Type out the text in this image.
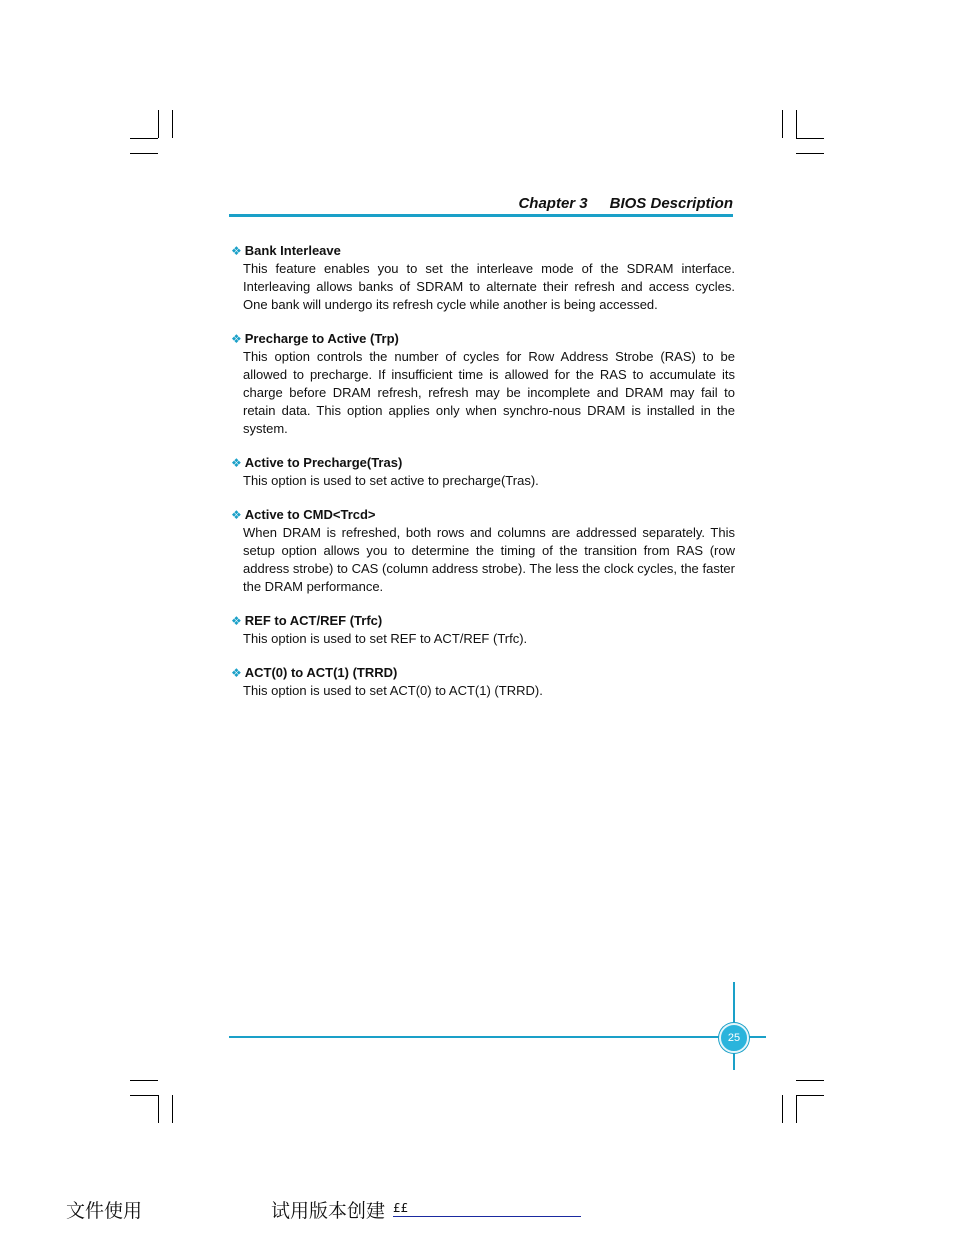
Chapter 3 BIOS Description
❖ Bank Interleave
This feature enables you to set the interleave mode of the SDRAM interface. Interleaving allows banks of SDRAM to alternate their refresh and access cycles. One bank will undergo its refresh cycle while another is being accessed.
❖ Precharge to Active (Trp)
This option controls the number of cycles for Row Address Strobe (RAS) to be allowed to precharge. If insufficient time is allowed for the RAS to accumulate its charge before DRAM refresh, refresh may be incomplete and DRAM may fail to retain data. This option applies only when synchro-nous DRAM is installed in the system.
❖ Active to Precharge(Tras)
This option is used to set active to precharge(Tras).
❖ Active to CMD<Trcd>
When DRAM is refreshed, both rows and columns are addressed separately. This setup option allows you to determine the timing of the transition from RAS (row address strobe) to CAS (column address strobe). The less the clock cycles, the faster the DRAM performance.
❖ REF to ACT/REF (Trfc)
This option is used to set REF to ACT/REF (Trfc).
❖ ACT(0) to ACT(1) (TRRD)
This option is used to set ACT(0) to ACT(1) (TRRD).
25
文件使用	试用版本创建 ££
